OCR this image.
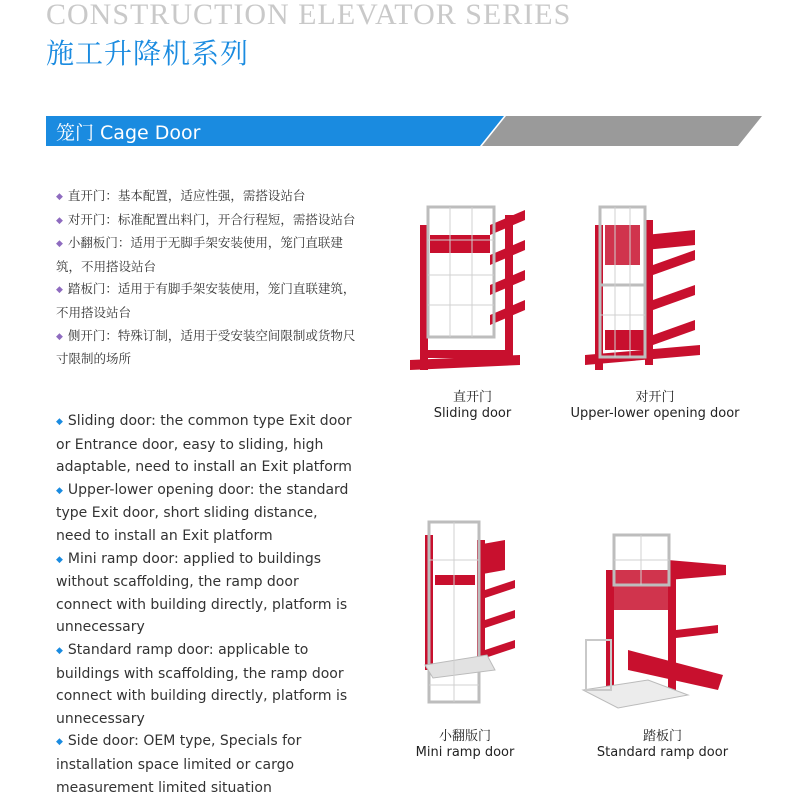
CONSTRUCTION ELEVATOR SERIES
施工升降机系列
笼门 Cage Door
◆ 直开门：基本配置，适应性强，需搭设站台
◆ 对开门：标准配置出料门，开合行程短，需搭设站台
◆ 小翻板门：适用于无脚手架安装使用，笼门直联建筑，不用搭设站台
◆ 踏板门：适用于有脚手架安装使用，笼门直联建筑，不用搭设站台
◆ 侧开门：特殊订制，适用于受安装空间限制或货物尺寸限制的场所
◆ Sliding door: the common type Exit door or Entrance door, easy to sliding, high adaptable, need to install an Exit platform
◆ Upper-lower opening door: the standard type Exit door, short sliding distance, need to install an Exit platform
◆ Mini ramp door: applied to buildings without scaffolding, the ramp door connect with building directly, platform is unnecessary
◆ Standard ramp door: applicable to buildings with scaffolding, the ramp door connect with building directly, platform is unnecessary
◆ Side door: OEM type, Specials for installation space limited or cargo measurement limited situation
直开门
Sliding door
对开门
Upper-lower opening door
小翻版门
Mini ramp door
踏板门
Standard ramp door
